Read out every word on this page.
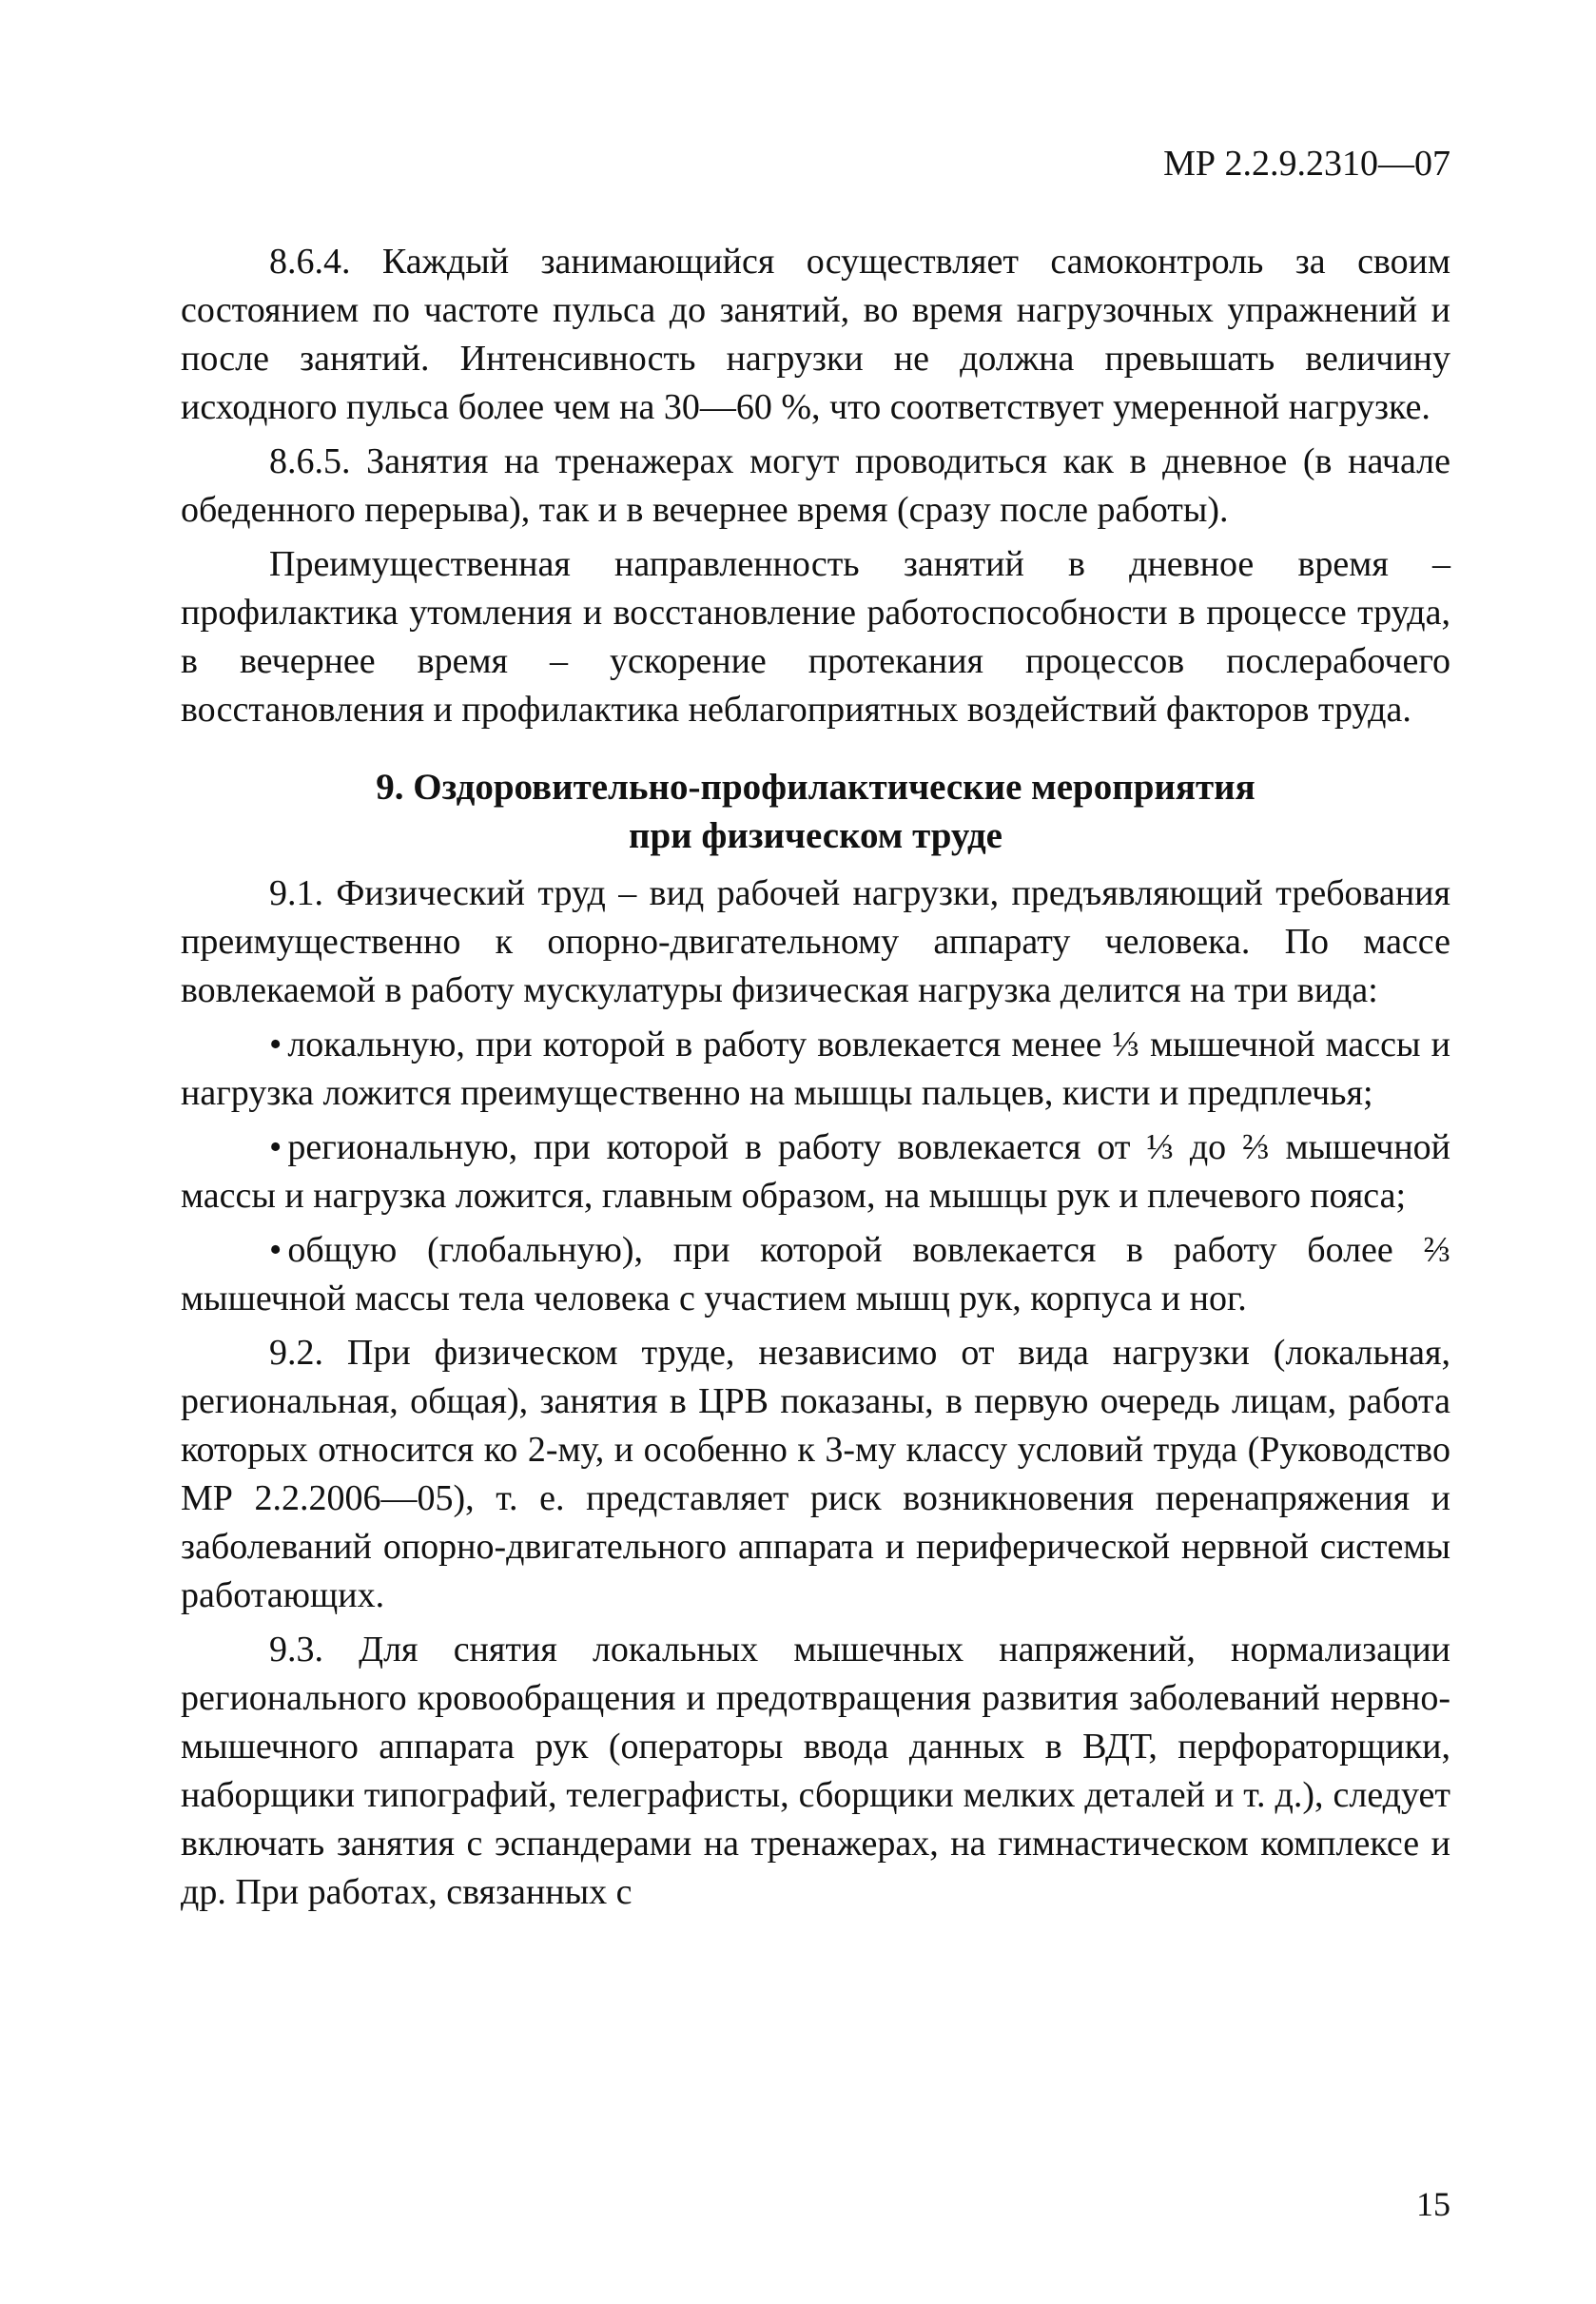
МР 2.2.9.2310—07

8.6.4. Каждый занимающийся осуществляет самоконтроль за своим состоянием по частоте пульса до занятий, во время нагрузочных упражнений и после занятий. Интенсивность нагрузки не должна превышать величину исходного пульса более чем на 30—60 %, что соответствует умеренной нагрузке.

8.6.5. Занятия на тренажерах могут проводиться как в дневное (в начале обеденного перерыва), так и в вечернее время (сразу после работы).

Преимущественная направленность занятий в дневное время – профилактика утомления и восстановление работоспособности в процессе труда, в вечернее время – ускорение протекания процессов послерабочего восстановления и профилактика неблагоприятных воздействий факторов труда.

9. Оздоровительно-профилактические мероприятия
при физическом труде

9.1. Физический труд – вид рабочей нагрузки, предъявляющий требования преимущественно к опорно-двигательному аппарату человека. По массе вовлекаемой в работу мускулатуры физическая нагрузка делится на три вида:

• локальную, при которой в работу вовлекается менее ⅓ мышечной массы и нагрузка ложится преимущественно на мышцы пальцев, кисти и предплечья;

• региональную, при которой в работу вовлекается от ⅓ до ⅔ мышечной массы и нагрузка ложится, главным образом, на мышцы рук и плечевого пояса;

• общую (глобальную), при которой вовлекается в работу более ⅔ мышечной массы тела человека с участием мышц рук, корпуса и ног.

9.2. При физическом труде, независимо от вида нагрузки (локальная, региональная, общая), занятия в ЦРВ показаны, в первую очередь лицам, работа которых относится ко 2-му, и особенно к 3-му классу условий труда (Руководство МР 2.2.2006—05), т. е. представляет риск возникновения перенапряжения и заболеваний опорно-двигательного аппарата и периферической нервной системы работающих.

9.3. Для снятия локальных мышечных напряжений, нормализации регионального кровообращения и предотвращения развития заболеваний нервно-мышечного аппарата рук (операторы ввода данных в ВДТ, перфораторщики, наборщики типографий, телеграфисты, сборщики мелких деталей и т. д.), следует включать занятия с эспандерами на тренажерах, на гимнастическом комплексе и др. При работах, связанных с

15
